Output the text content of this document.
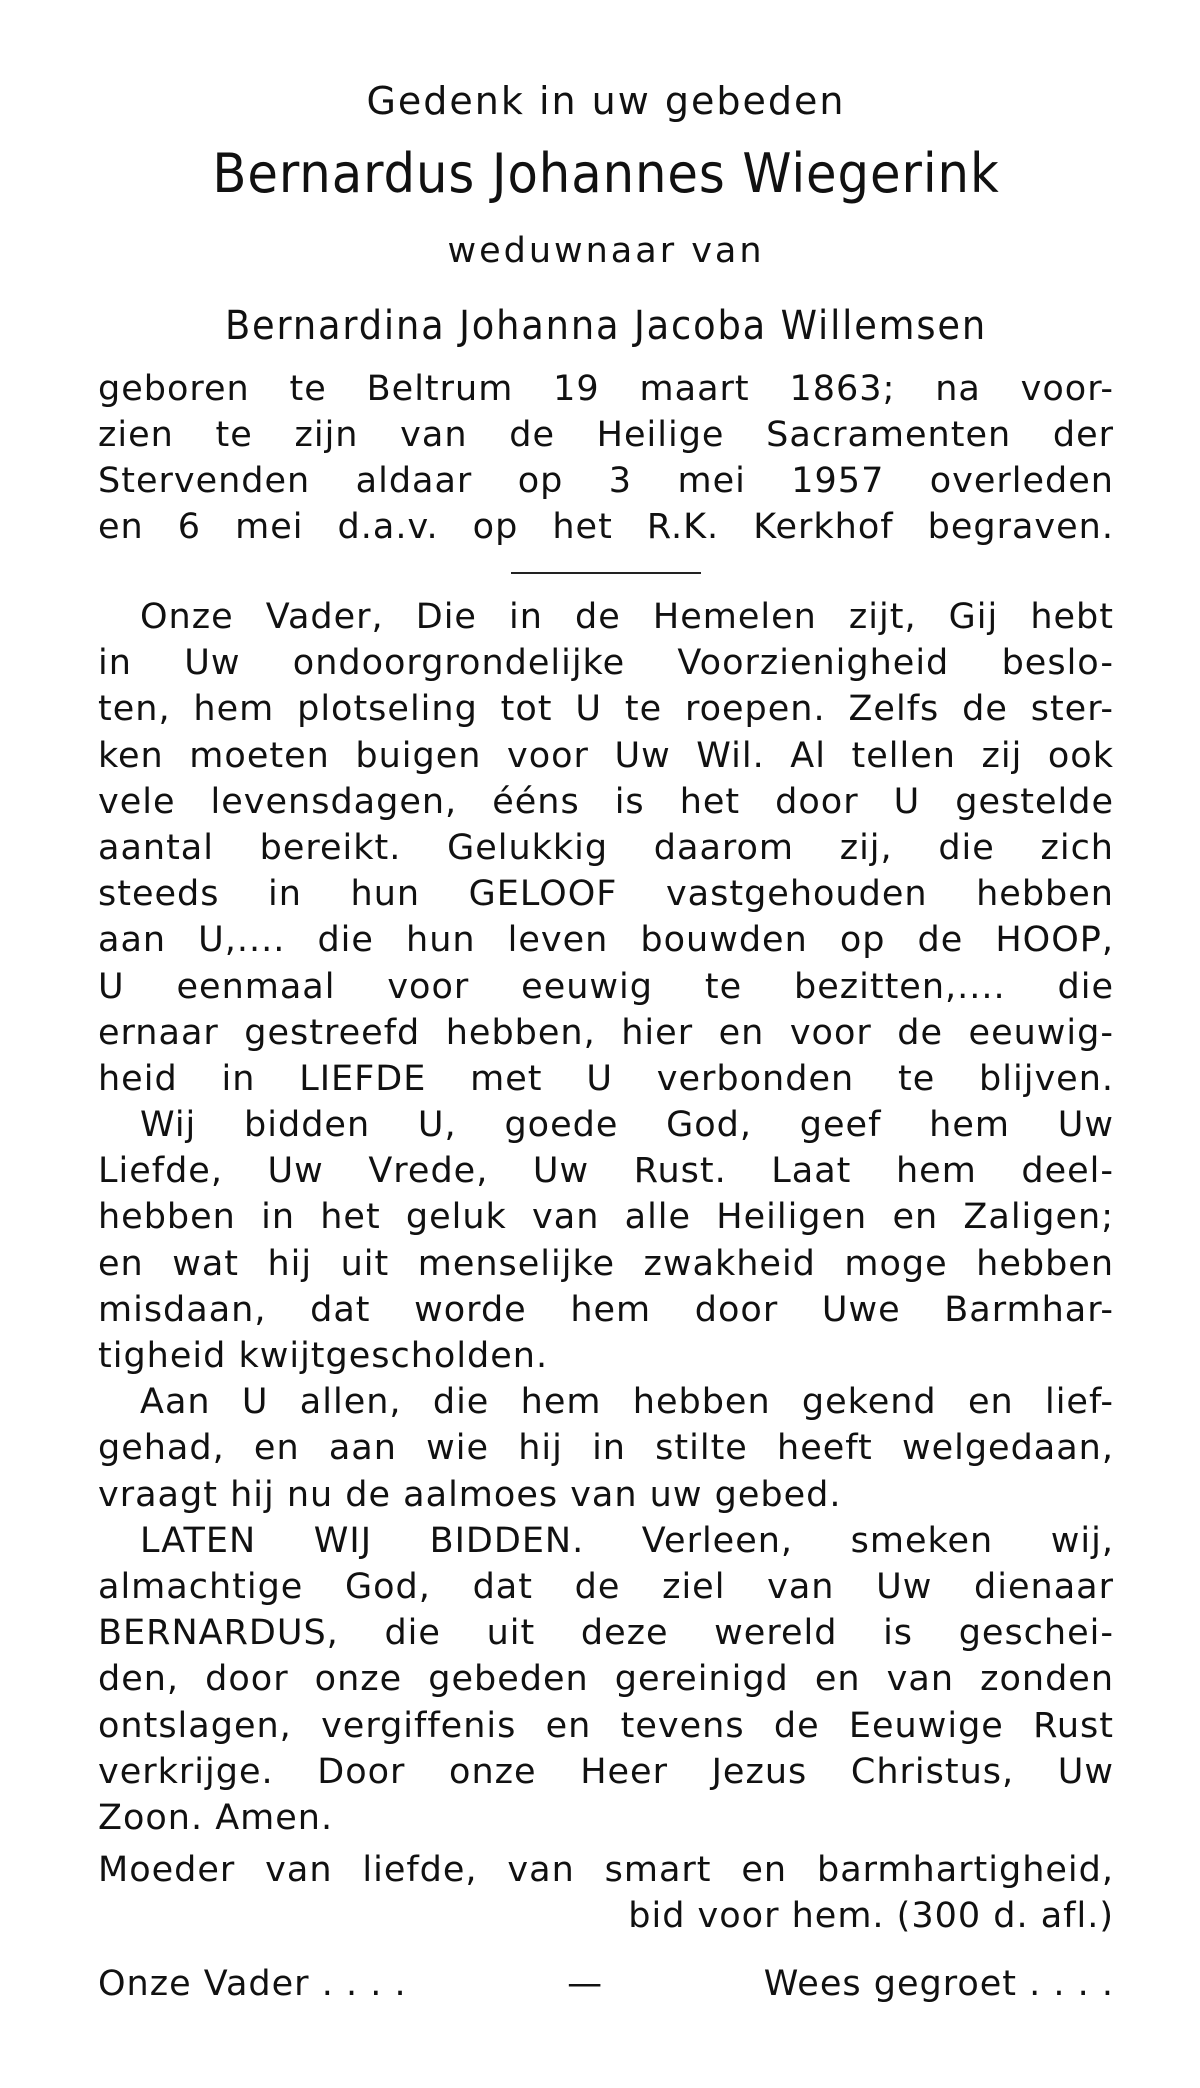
Gedenk in uw gebeden

Bernardus Johannes Wiegerink

weduwnaar van

Bernardina Johanna Jacoba Willemsen

geboren te Beltrum 19 maart 1863; na voor-
zien te zijn van de Heilige Sacramenten der
Stervenden aldaar op 3 mei 1957 overleden
en 6 mei d.a.v. op het R.K. Kerkhof begraven.
Onze Vader, Die in de Hemelen zijt, Gij hebt
in Uw ondoorgrondelijke Voorzienigheid beslo-
ten, hem plotseling tot U te roepen. Zelfs de ster-
ken moeten buigen voor Uw Wil. Al tellen zij ook
vele levensdagen, ééns is het door U gestelde
aantal bereikt. Gelukkig daarom zij, die zich
steeds in hun GELOOF vastgehouden hebben
aan U,.... die hun leven bouwden op de HOOP,
U eenmaal voor eeuwig te bezitten,.... die
ernaar gestreefd hebben, hier en voor de eeuwig-
heid in LIEFDE met U verbonden te blijven.
Wij bidden U, goede God, geef hem Uw
Liefde, Uw Vrede, Uw Rust. Laat hem deel-
hebben in het geluk van alle Heiligen en Zaligen;
en wat hij uit menselijke zwakheid moge hebben
misdaan, dat worde hem door Uwe Barmhar-
tigheid kwijtgescholden.
Aan U allen, die hem hebben gekend en lief-
gehad, en aan wie hij in stilte heeft welgedaan,
vraagt hij nu de aalmoes van uw gebed.
LATEN WIJ BIDDEN. Verleen, smeken wij,
almachtige God, dat de ziel van Uw dienaar
BERNARDUS, die uit deze wereld is geschei-
den, door onze gebeden gereinigd en van zonden
ontslagen, vergiffenis en tevens de Eeuwige Rust
verkrijge. Door onze Heer Jezus Christus, Uw
Zoon. Amen.
Moeder van liefde, van smart en barmhartigheid,
bid voor hem. (300 d. afl.)
Onze Vader . . . .	—	Wees gegroet . . . .
